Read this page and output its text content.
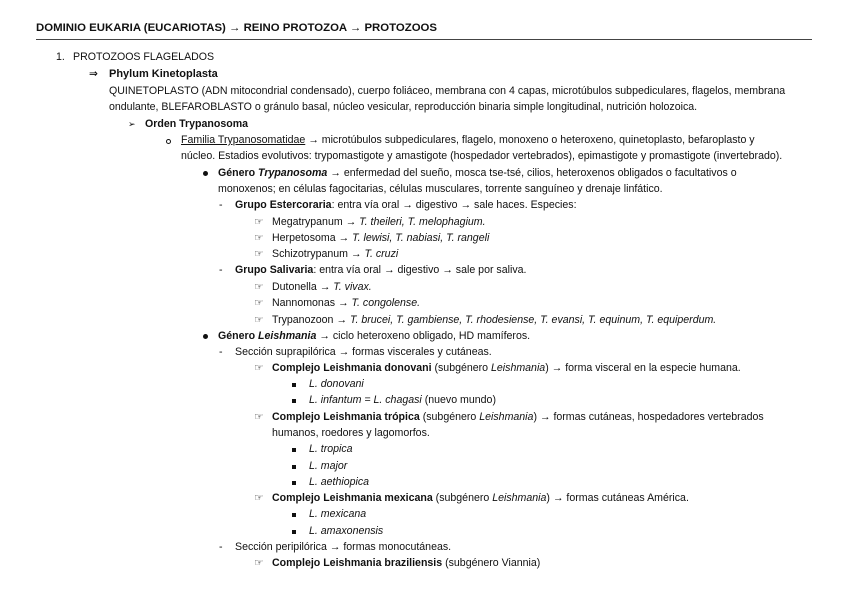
DOMINIO EUKARIA (EUCARIOTAS) → REINO PROTOZOA → PROTOZOOS
1. PROTOZOOS FLAGELADOS
⇒ Phylum Kinetoplasta
QUINETOPLASTO (ADN mitocondrial condensado), cuerpo foliáceo, membrana con 4 capas, microtúbulos subpediculares, flagelos, membrana
ondulante, BLEFAROBLASTO o gránulo basal, núcleo vesicular, reproducción binaria simple longitudinal, nutrición holozoica.
➢ Orden Trypanosoma
Familia Trypanosomatidae → microtúbulos subpediculares, flagelo, monoxeno o heteroxeno, quinetoplasto, befaroplasto y
núcleo. Estadios evolutivos: trypomastigote y amastigote (hospedador vertebrados), epimastigote y promastigote (invertebrado).
Género Trypanosoma → enfermedad del sueño, mosca tse-tsé, cilios, heteroxenos obligados o facultativos o
monoxenos; en células fagocitarias, células musculares, torrente sanguíneo y drenaje linfático.
- Grupo Estercoraria: entra vía oral → digestivo → sale haces. Especies:
☞ Megatrypanum → T. theileri, T. melophagium.
☞ Herpetosoma → T. lewisi, T. nabiasi, T. rangeli
☞ Schizotrypanum → T. cruzi
- Grupo Salivaria: entra vía oral → digestivo → sale por saliva.
☞ Dutonella → T. vivax.
☞ Nannomonas → T. congolense.
☞ Trypanozoon → T. brucei, T. gambiense, T. rhodesiense, T. evansi, T. equinum, T. equiperdum.
Género Leishmania → ciclo heteroxeno obligado, HD mamíferos.
- Sección suprapilórica → formas viscerales y cutáneas.
☞ Complejo Leishmania donovani (subgénero Leishmania) → forma visceral en la especie humana.
L. donovani
L. infantum = L. chagasi (nuevo mundo)
☞ Complejo Leishmania trópica (subgénero Leishmania) → formas cutáneas, hospedadores vertebrados
humanos, roedores y lagomorfos.
L. tropica
L. major
L. aethiopica
☞ Complejo Leishmania mexicana (subgénero Leishmania) → formas cutáneas América.
L. mexicana
L. amaxonensis
- Sección peripilórica → formas monocutáneas.
☞ Complejo Leishmania braziliensis (subgénero Viannia)
